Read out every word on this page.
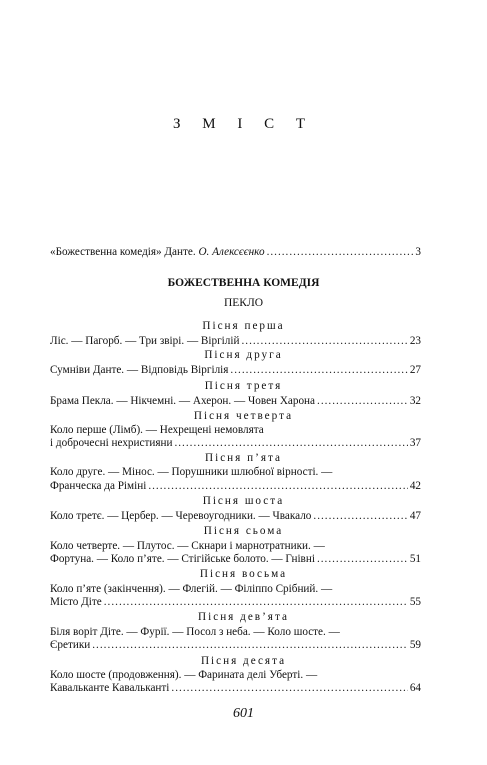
З М І С Т
«Божественна комедія» Данте. О. Алексєєнко .....	3
БОЖЕСТВЕННА КОМЕДІЯ
ПЕКЛО
Пісня перша
Ліс. — Пагорб. — Три звірі. — Віргілій .....	23
Пісня друга
Сумніви Данте. — Відповідь Віргілія .....	27
Пісня третя
Брама Пекла. — Нікчемні. — Ахерон. — Човен Харона .....	32
Пісня четверта
Коло перше (Лімб). — Нехрещені немовлята
і доброчесні нехристияни .....	37
Пісня п’ята
Коло друге. — Мінос. — Порушники шлюбної вірності. —
Франческа да Ріміні .....	42
Пісня шоста
Коло третє. — Цербер. — Черевоугодники. — Чвакало .....	47
Пісня сьома
Коло четверте. — Плутос. — Скнари і марнотратники. —
Фортуна. — Коло п’яте. — Стігійське болото. — Гнівні .....	51
Пісня восьма
Коло п’яте (закінчення). — Флегій. — Філіппо Срібний. —
Місто Діте .....	55
Пісня дев’ята
Біля воріт Діте. — Фурії. — Посол з неба. — Коло шосте. —
Єретики .....	59
Пісня десята
Коло шосте (продовження). — Фарината делі Уберті. —
Кавальканте Кавальканті .....	64
601
